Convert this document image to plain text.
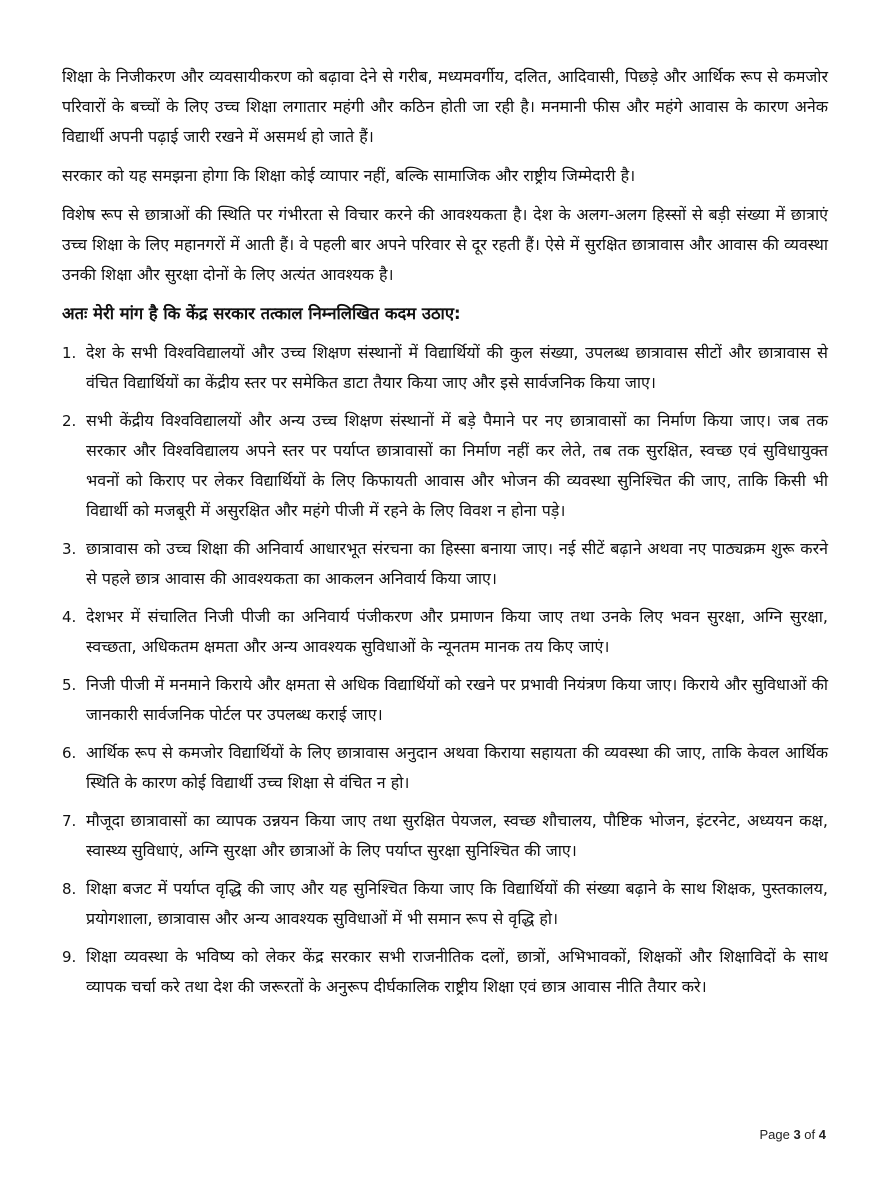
शिक्षा के निजीकरण और व्यवसायीकरण को बढ़ावा देने से गरीब, मध्यमवर्गीय, दलित, आदिवासी, पिछड़े और आर्थिक रूप से कमजोर परिवारों के बच्चों के लिए उच्च शिक्षा लगातार महंगी और कठिन होती जा रही है। मनमानी फीस और महंगे आवास के कारण अनेक विद्यार्थी अपनी पढ़ाई जारी रखने में असमर्थ हो जाते हैं।

सरकार को यह समझना होगा कि शिक्षा कोई व्यापार नहीं, बल्कि सामाजिक और राष्ट्रीय जिम्मेदारी है।

विशेष रूप से छात्राओं की स्थिति पर गंभीरता से विचार करने की आवश्यकता है। देश के अलग-अलग हिस्सों से बड़ी संख्या में छात्राएं उच्च शिक्षा के लिए महानगरों में आती हैं। वे पहली बार अपने परिवार से दूर रहती हैं। ऐसे में सुरक्षित छात्रावास और आवास की व्यवस्था उनकी शिक्षा और सुरक्षा दोनों के लिए अत्यंत आवश्यक है।

अतः मेरी मांग है कि केंद्र सरकार तत्काल निम्नलिखित कदम उठाए:

1. देश के सभी विश्वविद्यालयों और उच्च शिक्षण संस्थानों में विद्यार्थियों की कुल संख्या, उपलब्ध छात्रावास सीटों और छात्रावास से वंचित विद्यार्थियों का केंद्रीय स्तर पर समेकित डाटा तैयार किया जाए और इसे सार्वजनिक किया जाए।
2. सभी केंद्रीय विश्वविद्यालयों और अन्य उच्च शिक्षण संस्थानों में बड़े पैमाने पर नए छात्रावासों का निर्माण किया जाए। जब तक सरकार और विश्वविद्यालय अपने स्तर पर पर्याप्त छात्रावासों का निर्माण नहीं कर लेते, तब तक सुरक्षित, स्वच्छ एवं सुविधायुक्त भवनों को किराए पर लेकर विद्यार्थियों के लिए किफायती आवास और भोजन की व्यवस्था सुनिश्चित की जाए, ताकि किसी भी विद्यार्थी को मजबूरी में असुरक्षित और महंगे पीजी में रहने के लिए विवश न होना पड़े।
3. छात्रावास को उच्च शिक्षा की अनिवार्य आधारभूत संरचना का हिस्सा बनाया जाए। नई सीटें बढ़ाने अथवा नए पाठ्यक्रम शुरू करने से पहले छात्र आवास की आवश्यकता का आकलन अनिवार्य किया जाए।
4. देशभर में संचालित निजी पीजी का अनिवार्य पंजीकरण और प्रमाणन किया जाए तथा उनके लिए भवन सुरक्षा, अग्नि सुरक्षा, स्वच्छता, अधिकतम क्षमता और अन्य आवश्यक सुविधाओं के न्यूनतम मानक तय किए जाएं।
5. निजी पीजी में मनमाने किराये और क्षमता से अधिक विद्यार्थियों को रखने पर प्रभावी नियंत्रण किया जाए। किराये और सुविधाओं की जानकारी सार्वजनिक पोर्टल पर उपलब्ध कराई जाए।
6. आर्थिक रूप से कमजोर विद्यार्थियों के लिए छात्रावास अनुदान अथवा किराया सहायता की व्यवस्था की जाए, ताकि केवल आर्थिक स्थिति के कारण कोई विद्यार्थी उच्च शिक्षा से वंचित न हो।
7. मौजूदा छात्रावासों का व्यापक उन्नयन किया जाए तथा सुरक्षित पेयजल, स्वच्छ शौचालय, पौष्टिक भोजन, इंटरनेट, अध्ययन कक्ष, स्वास्थ्य सुविधाएं, अग्नि सुरक्षा और छात्राओं के लिए पर्याप्त सुरक्षा सुनिश्चित की जाए।
8. शिक्षा बजट में पर्याप्त वृद्धि की जाए और यह सुनिश्चित किया जाए कि विद्यार्थियों की संख्या बढ़ाने के साथ शिक्षक, पुस्तकालय, प्रयोगशाला, छात्रावास और अन्य आवश्यक सुविधाओं में भी समान रूप से वृद्धि हो।
9. शिक्षा व्यवस्था के भविष्य को लेकर केंद्र सरकार सभी राजनीतिक दलों, छात्रों, अभिभावकों, शिक्षकों और शिक्षाविदों के साथ व्यापक चर्चा करे तथा देश की जरूरतों के अनुरूप दीर्घकालिक राष्ट्रीय शिक्षा एवं छात्र आवास नीति तैयार करे।
Page 3 of 4
